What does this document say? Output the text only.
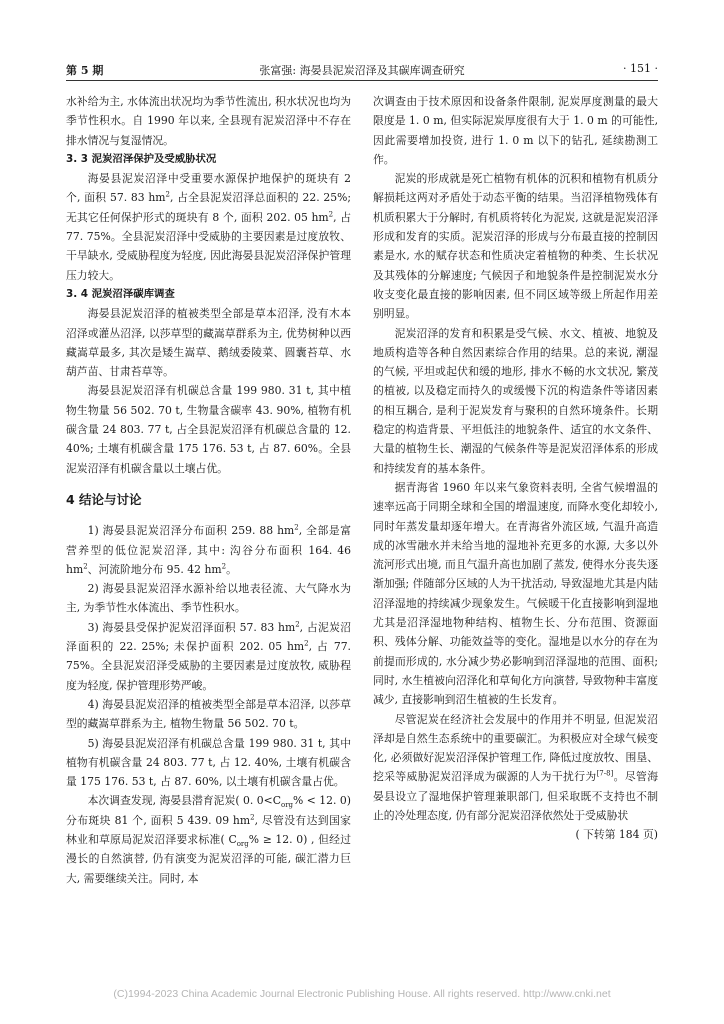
第 5 期	张富强: 海晏县泥炭沼泽及其碳库调查研究	· 151 ·

水补给为主, 水体流出状况均为季节性流出, 积水状况也均为季节性积水。自 1990 年以来, 全县现有泥炭沼泽中不存在排水情况与复湿情况。

3. 3 泥炭沼泽保护及受威胁状况

海晏县泥炭沼泽中受重要水源保护地保护的斑块有 2 个, 面积 57. 83 $hm^2$, 占全县泥炭沼泽总面积的 22. 25%; 无其它任何保护形式的斑块有 8 个, 面积 202. 05 $hm^2$, 占 77. 75%。全县泥炭沼泽中受威胁的主要因素是过度放牧、干旱缺水, 受威胁程度为轻度, 因此海晏县泥炭沼泽保护管理压力较大。

3. 4 泥炭沼泽碳库调查

海晏县泥炭沼泽的植被类型全部是草本沼泽, 没有木本沼泽或灌丛沼泽, 以莎草型的藏嵩草群系为主, 优势树种以西藏嵩草最多, 其次是矮生嵩草、鹅绒委陵菜、圆囊苔草、水葫芦苗、甘肃苔草等。

海晏县泥炭沼泽有机碳总含量 199 980. 31 t, 其中植物生物量 56 502. 70 t, 生物量含碳率 43. 90%, 植物有机碳含量 24 803. 77 t, 占全县泥炭沼泽有机碳总含量的 12. 40%; 土壤有机碳含量 175 176. 53 t, 占 87. 60%。全县泥炭沼泽有机碳含量以土壤占优。

4 结论与讨论

1) 海晏县泥炭沼泽分布面积 259. 88 $hm^2$, 全部是富营养型的低位泥炭沼泽, 其中: 沟谷分布面积 164. 46 $hm^2$、河流阶地分布 95. 42 $hm^2$。

2) 海晏县泥炭沼泽水源补给以地表径流、大气降水为主, 为季节性水体流出、季节性积水。

3) 海晏县受保护泥炭沼泽面积 57. 83 $hm^2$, 占泥炭沼泽面积的 22. 25%; 未保护面积 202. 05 $hm^2$, 占 77. 75%。全县泥炭沼泽受威胁的主要因素是过度放牧, 威胁程度为轻度, 保护管理形势严峻。

4) 海晏县泥炭沼泽的植被类型全部是草本沼泽, 以莎草型的藏嵩草群系为主, 植物生物量 56 502. 70 t。

5) 海晏县泥炭沼泽有机碳总含量 199 980. 31 t, 其中植物有机碳含量 24 803. 77 t, 占 12. 40%, 土壤有机碳含量 175 176. 53 t, 占 87. 60%, 以土壤有机碳含量占优。

本次调查发现, 海晏县潜育泥炭( 0. $0<C_{org}\% < 12$. 0) 分布斑块 81 个, 面积 5 439. 09 $hm^2$, 尽管没有达到国家林业和草原局泥炭沼泽要求标准( $C_{org}\% \ge 12$. 0) , 但经过漫长的自然演替, 仍有演变为泥炭沼泽的可能, 碳汇潜力巨大, 需要继续关注。同时, 本

次调查由于技术原因和设备条件限制, 泥炭厚度测量的最大限度是 1. 0 m, 但实际泥炭厚度很有大于 1. 0 m 的可能性, 因此需要增加投资, 进行 1. 0 m 以下的钻孔, 延续勘测工作。

泥炭的形成就是死亡植物有机体的沉积和植物有机质分解损耗这两对矛盾处于动态平衡的结果。当沼泽植物残体有机质积累大于分解时, 有机质将转化为泥炭, 这就是泥炭沼泽形成和发育的实质。泥炭沼泽的形成与分布最直接的控制因素是水, 水的赋存状态和性质决定着植物的种类、生长状况及其残体的分解速度; 气候因子和地貌条件是控制泥炭水分收支变化最直接的影响因素, 但不同区域等级上所起作用差别明显。

泥炭沼泽的发育和积累是受气候、水文、植被、地貌及地质构造等各种自然因素综合作用的结果。总的来说, 潮湿的气候, 平坦或起伏和缓的地形, 排水不畅的水文状况, 繁茂的植被, 以及稳定而持久的或缓慢下沉的构造条件等诸因素的相互耦合, 是利于泥炭发育与聚积的自然环境条件。长期稳定的构造背景、平坦低洼的地貌条件、适宜的水文条件、大量的植物生长、潮湿的气候条件等是泥炭沼泽体系的形成和持续发育的基本条件。

据青海省 1960 年以来气象资料表明, 全省气候增温的速率远高于同期全球和全国的增温速度, 而降水变化却较小, 同时年蒸发量却逐年增大。在青海省外流区域, 气温升高造成的冰雪融水并未给当地的湿地补充更多的水源, 大多以外流河形式出境, 而且气温升高也加剧了蒸发, 使得水分丧失逐渐加强; 伴随部分区域的人为干扰活动, 导致湿地尤其是内陆沼泽湿地的持续减少现象发生。气候暖干化直接影响到湿地尤其是沼泽湿地物种结构、植物生长、分布范围、资源面积、残体分解、功能效益等的变化。湿地是以水分的存在为前提而形成的, 水分减少势必影响到沼泽湿地的范围、面积; 同时, 水生植被向沼泽化和草甸化方向演替, 导致物种丰富度减少, 直接影响到沼生植被的生长发育。

尽管泥炭在经济社会发展中的作用并不明显, 但泥炭沼泽却是自然生态系统中的重要碳汇。为积极应对全球气候变化, 必须做好泥炭沼泽保护管理工作, 降低过度放牧、围垦、挖采等威胁泥炭沼泽成为碳源的人为干扰行为[7-8]。尽管海晏县设立了湿地保护管理兼职部门, 但采取既不支持也不制止的冷处理态度, 仍有部分泥炭沼泽依然处于受威胁状

( 下转第 184 页)

(C)1994-2023 China Academic Journal Electronic Publishing House. All rights reserved. http://www.cnki.net
